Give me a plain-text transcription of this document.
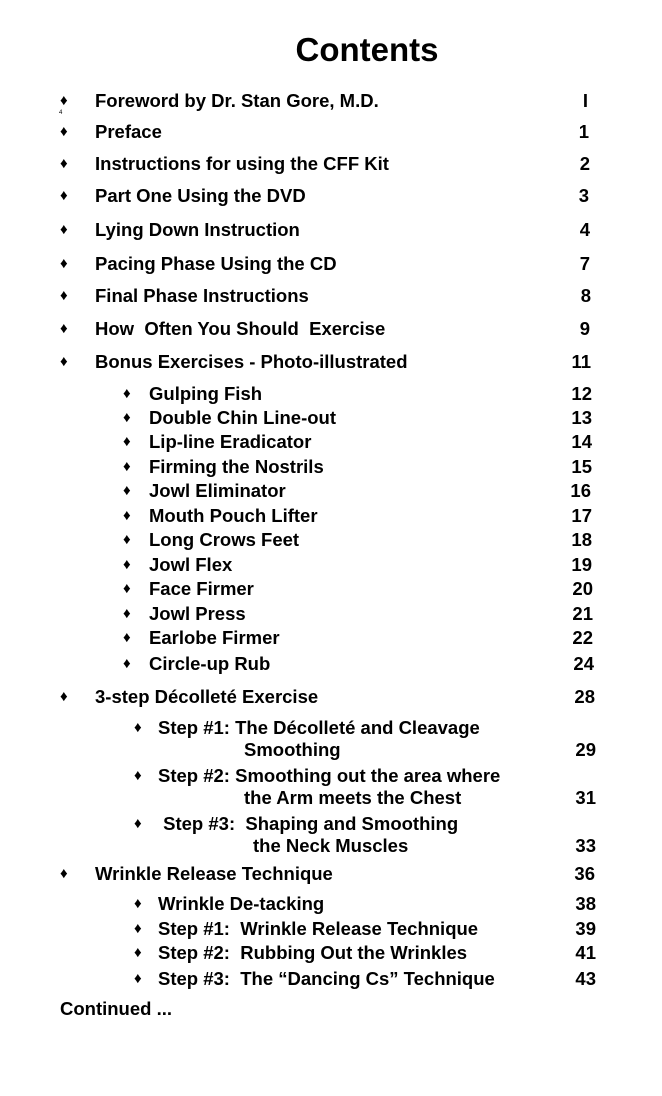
Contents
4
♦ Foreword by Dr. Stan Gore, M.D.	I
♦ Preface	1
♦ Instructions for using the CFF Kit	2
♦ Part One Using the DVD	3
♦ Lying Down Instruction	4
♦ Pacing Phase Using the CD	7
♦ Final Phase Instructions	8
♦ How  Often You Should  Exercise	9
♦ Bonus Exercises - Photo-illustrated	11
♦ Gulping Fish	12
♦ Double Chin Line-out	13
♦ Lip-line Eradicator	14
♦ Firming the Nostrils	15
♦ Jowl Eliminator	16
♦ Mouth Pouch Lifter	17
♦ Long Crows Feet	18
♦ Jowl Flex	19
♦ Face Firmer	20
♦ Jowl Press	21
♦ Earlobe Firmer	22
♦ Circle-up Rub	24
♦ 3-step Décolleté Exercise	28
♦ Step #1: The Décolleté and Cleavage
Smoothing	29
♦ Step #2: Smoothing out the area where
the Arm meets the Chest	31
♦ Step #3:  Shaping and Smoothing
the Neck Muscles	33
♦ Wrinkle Release Technique	36
♦ Wrinkle De-tacking	38
♦ Step #1:  Wrinkle Release Technique	39
♦ Step #2:  Rubbing Out the Wrinkles	41
♦ Step #3:  The “Dancing Cs” Technique	43
Continued ...
